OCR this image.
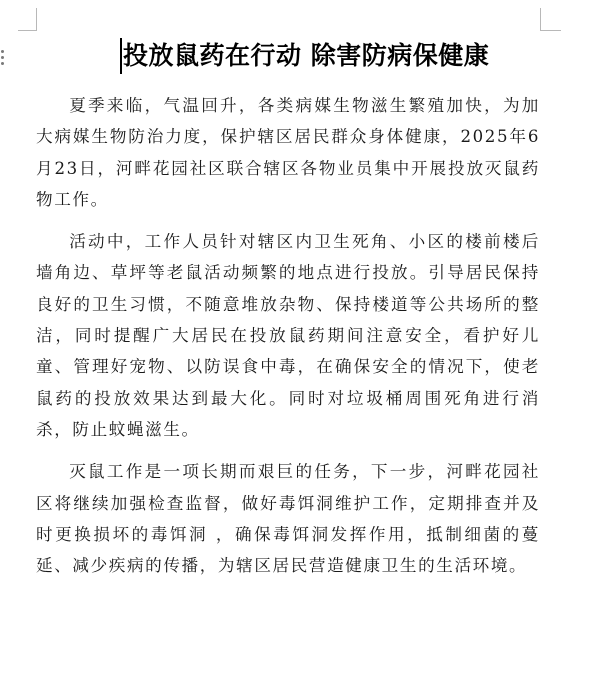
投放鼠药在行动 除害防病保健康

夏季来临，气温回升，各类病媒生物滋生繁殖加快，为加大病媒生物防治力度，保护辖区居民群众身体健康，2025年6月23日，河畔花园社区联合辖区各物业员集中开展投放灭鼠药物工作。

活动中，工作人员针对辖区内卫生死角、小区的楼前楼后墙角边、草坪等老鼠活动频繁的地点进行投放。引导居民保持良好的卫生习惯，不随意堆放杂物、保持楼道等公共场所的整洁，同时提醒广大居民在投放鼠药期间注意安全，看护好儿童、管理好宠物、以防误食中毒，在确保安全的情况下，使老鼠药的投放效果达到最大化。同时对垃圾桶周围死角进行消杀，防止蚊蝇滋生。

灭鼠工作是一项长期而艰巨的任务，下一步，河畔花园社区将继续加强检查监督，做好毒饵洞维护工作，定期排查并及时更换损坏的毒饵洞 ，确保毒饵洞发挥作用，抵制细菌的蔓延、减少疾病的传播，为辖区居民营造健康卫生的生活环境。
